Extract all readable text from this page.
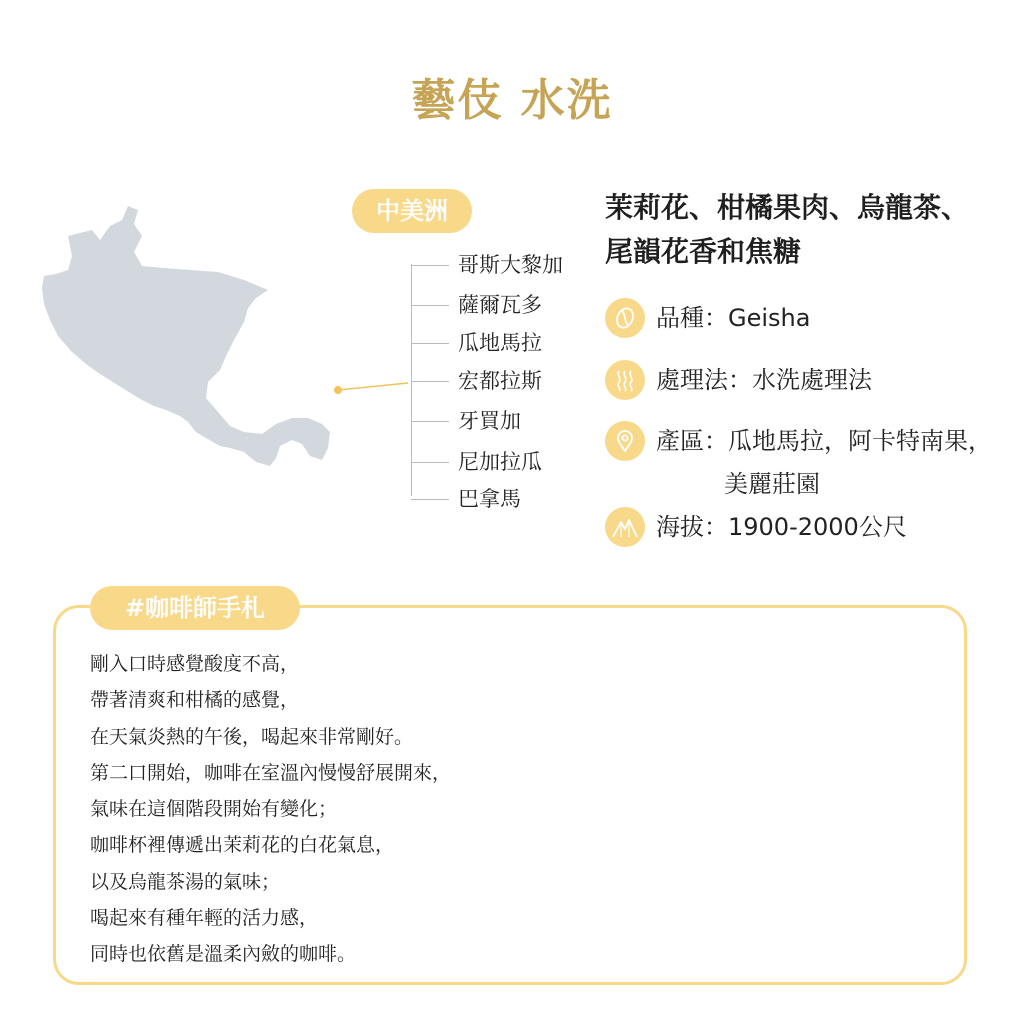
藝伎 水洗
中美洲
哥斯大黎加
薩爾瓦多
瓜地馬拉
宏都拉斯
牙買加
尼加拉瓜
巴拿馬
茉莉花、柑橘果肉、烏龍茶、
尾韻花香和焦糖
品種：Geisha
處理法：水洗處理法
產區：瓜地馬拉，阿卡特南果，
美麗莊園
海拔：1900-2000公尺
#咖啡師手札
剛入口時感覺酸度不高，
帶著清爽和柑橘的感覺，
在天氣炎熱的午後，喝起來非常剛好。
第二口開始，咖啡在室溫內慢慢舒展開來，
氣味在這個階段開始有變化；
咖啡杯裡傳遞出茉莉花的白花氣息，
以及烏龍茶湯的氣味；
喝起來有種年輕的活力感，
同時也依舊是溫柔內斂的咖啡。
